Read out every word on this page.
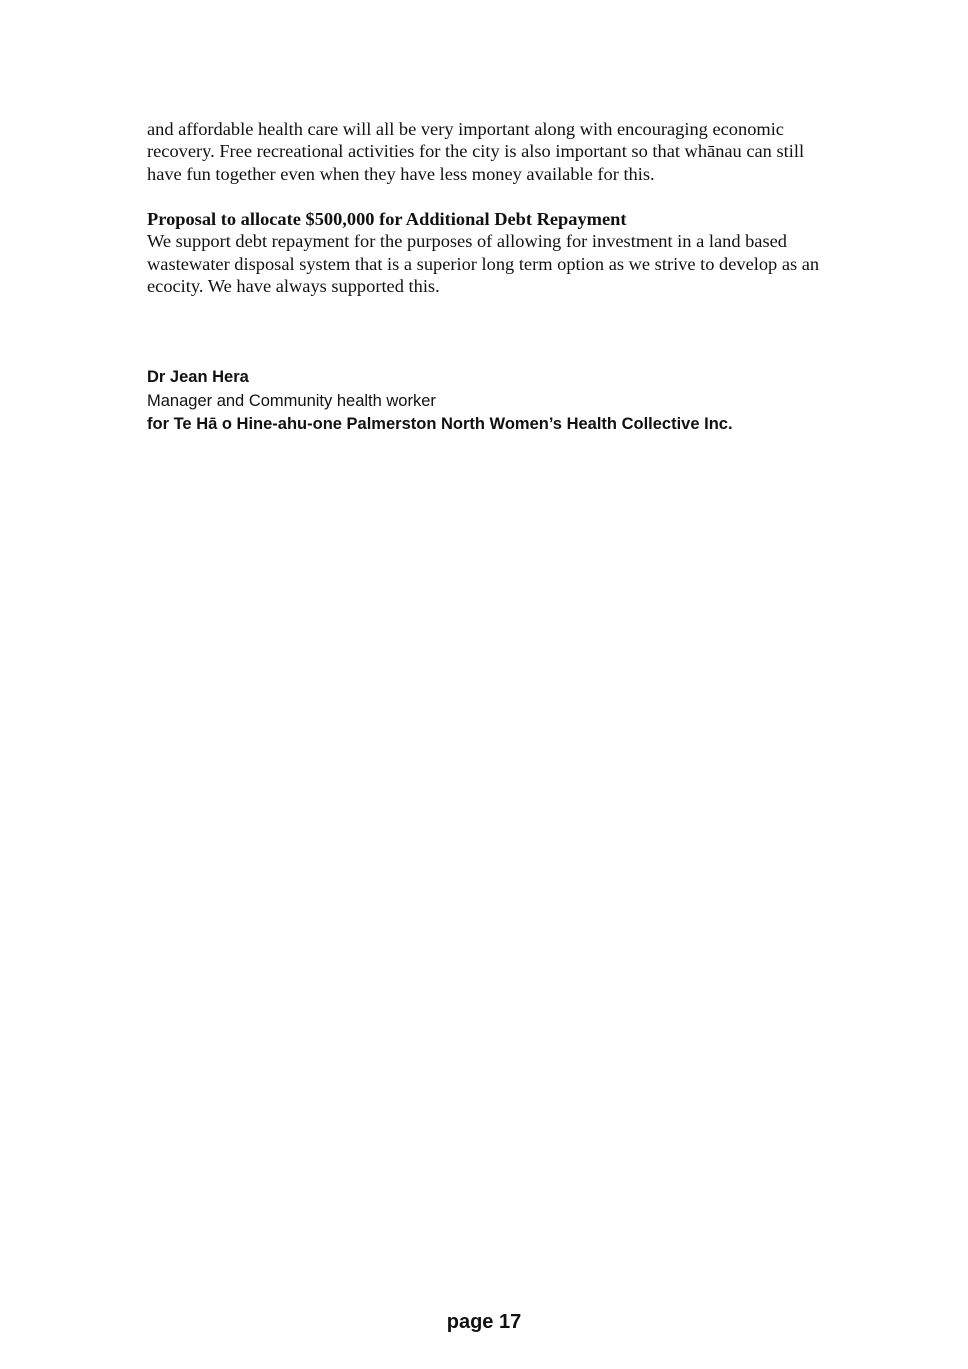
and affordable health care will all be very important along with encouraging economic recovery. Free recreational activities for the city is also important so that whānau can still have fun together even when they have less money available for this.

Proposal to allocate $500,000 for Additional Debt Repayment
We support debt repayment for the purposes of allowing for investment in a land based wastewater disposal system that is a superior long term option as we strive to develop as an ecocity. We have always supported this.
Dr Jean Hera
Manager and Community health worker
for Te Hā o Hine-ahu-one Palmerston North Women’s Health Collective Inc.
page 17
